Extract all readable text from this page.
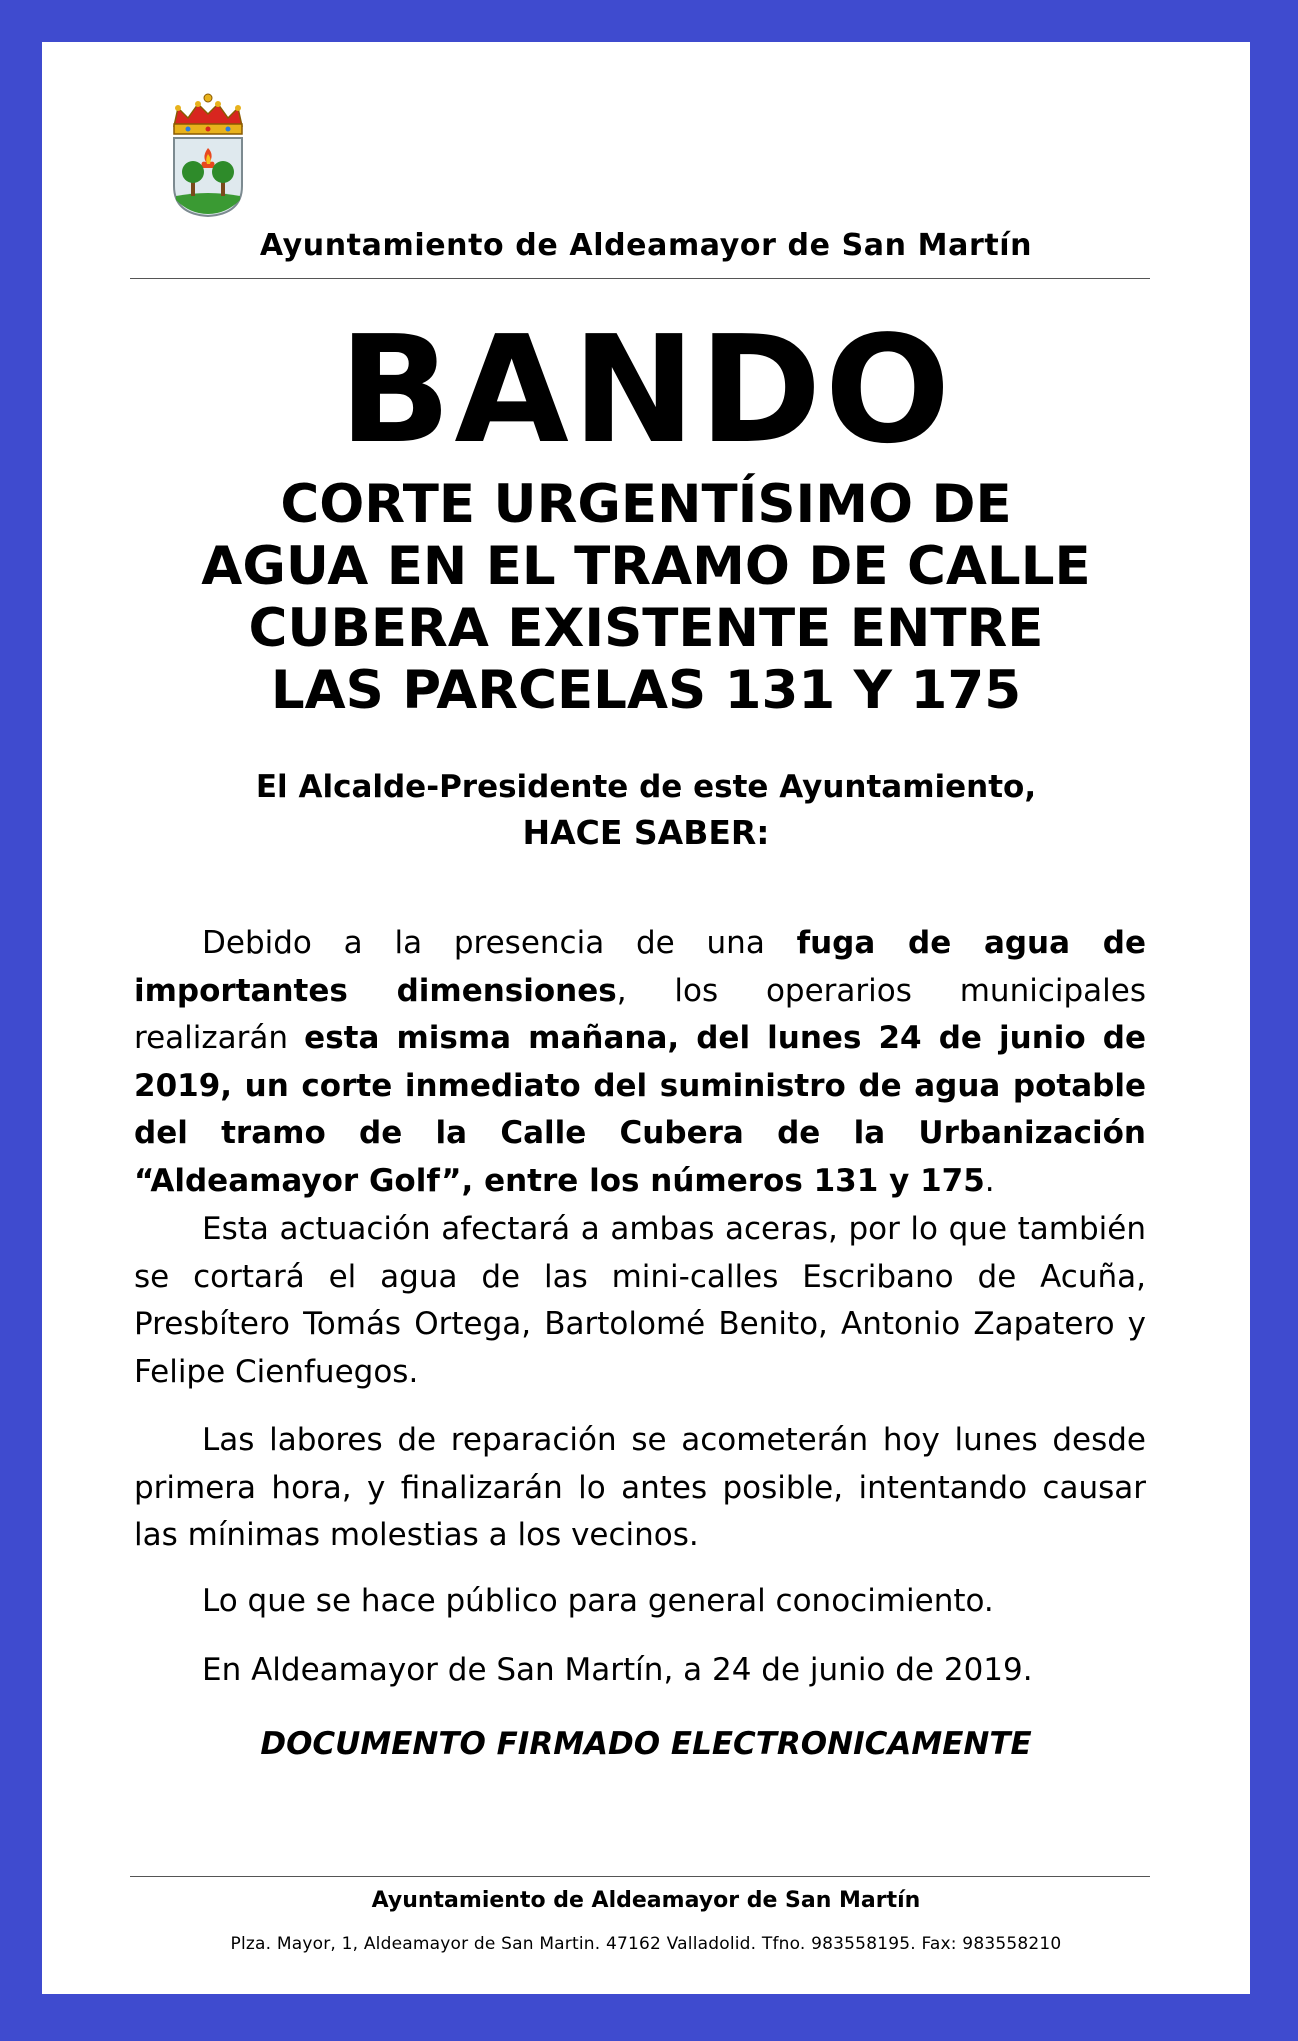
Ayuntamiento de Aldeamayor de San Martín
BANDO
CORTE URGENTÍSIMO DE
AGUA EN EL TRAMO DE CALLE
CUBERA EXISTENTE ENTRE
LAS PARCELAS 131 Y 175
El Alcalde-Presidente de este Ayuntamiento,
HACE SABER:

Debido a la presencia de una fuga de agua de importantes dimensiones, los operarios municipales realizarán esta misma mañana, del lunes 24 de junio de 2019, un corte inmediato del suministro de agua potable del tramo de la Calle Cubera de la Urbanización “Aldeamayor Golf”, entre los números 131 y 175.

Esta actuación afectará a ambas aceras, por lo que también se cortará el agua de las mini-calles Escribano de Acuña, Presbítero Tomás Ortega, Bartolomé Benito, Antonio Zapatero y Felipe Cienfuegos.

Las labores de reparación se acometerán hoy lunes desde primera hora, y finalizarán lo antes posible, intentando causar las mínimas molestias a los vecinos.

Lo que se hace público para general conocimiento.

En Aldeamayor de San Martín, a 24 de junio de 2019.

DOCUMENTO FIRMADO ELECTRONICAMENTE
Ayuntamiento de Aldeamayor de San Martín
Plza. Mayor, 1, Aldeamayor de San Martin. 47162 Valladolid. Tfno. 983558195. Fax: 983558210
